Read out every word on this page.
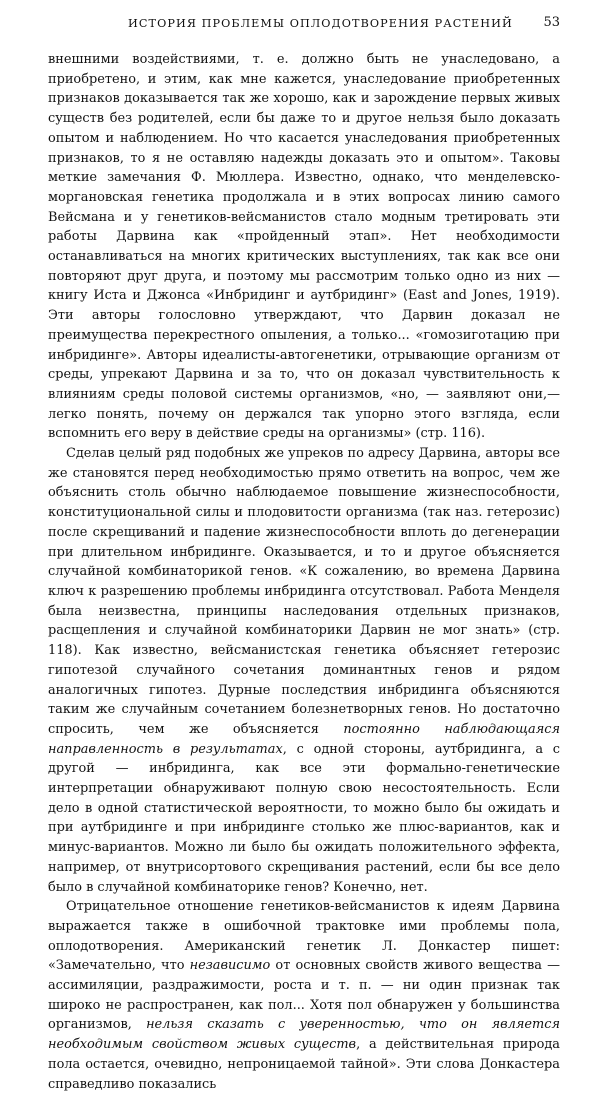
ИСТОРИЯ ПРОБЛЕМЫ ОПЛОДОТВОРЕНИЯ РАСТЕНИЙ 53

внешними воздействиями, т. е. должно быть не унаследовано, а приобретено, и этим, как мне кажется, унаследование приобретенных признаков доказывается так же хорошо, как и зарождение первых живых существ без родителей, если бы даже то и другое нельзя было доказать опытом и наблюдением. Но что касается унаследования приобретенных признаков, то я не оставляю надежды доказать это и опытом». Таковы меткие замечания Ф. Мюллера. Известно, однако, что менделевско-моргановская генетика продолжала и в этих вопросах линию самого Вейсмана и у генетиков-вейсманистов стало модным третировать эти работы Дарвина как «пройденный этап». Нет необходимости останавливаться на многих критических выступлениях, так как все они повторяют друг друга, и поэтому мы рассмотрим только одно из них — книгу Иста и Джонса «Инбридинг и аутбридинг» (East and Jones, 1919). Эти авторы голословно утверждают, что Дарвин доказал не преимущества перекрестного опыления, а только... «гомозиготацию при инбридинге». Авторы идеалисты-автогенетики, отрывающие организм от среды, упрекают Дарвина и за то, что он доказал чувствительность к влияниям среды половой системы организмов, «но, — заявляют они,—легко понять, почему он держался так упорно этого взгляда, если вспомнить его веру в действие среды на организмы» (стр. 116).

Сделав целый ряд подобных же упреков по адресу Дарвина, авторы все же становятся перед необходимостью прямо ответить на вопрос, чем же объяснить столь обычно наблюдаемое повышение жизнеспособности, конституциональной силы и плодовитости организма (так наз. гетерозис) после скрещиваний и падение жизнеспособности вплоть до дегенерации при длительном инбридинге. Оказывается, и то и другое объясняется случайной комбинаторикой генов. «К сожалению, во времена Дарвина ключ к разрешению проблемы инбридинга отсутствовал. Работа Менделя была неизвестна, принципы наследования отдельных признаков, расщепления и случайной комбинаторики Дарвин не мог знать» (стр. 118). Как известно, вейсманистская генетика объясняет гетерозис гипотезой случайного сочетания доминантных генов и рядом аналогичных гипотез. Дурные последствия инбридинга объясняются таким же случайным сочетанием болезнетворных генов. Но достаточно спросить, чем же объясняется постоянно наблюдающаяся направленность в результатах, с одной стороны, аутбридинга, а с другой — инбридинга, как все эти формально-генетические интерпретации обнаруживают полную свою несостоятельность. Если дело в одной статистической вероятности, то можно было бы ожидать и при аутбридинге и при инбридинге столько же плюс-вариантов, как и минус-вариантов. Можно ли было бы ожидать положительного эффекта, например, от внутрисортового скрещивания растений, если бы все дело было в случайной комбинаторике генов? Конечно, нет.

Отрицательное отношение генетиков-вейсманистов к идеям Дарвина выражается также в ошибочной трактовке ими проблемы пола, оплодотворения. Американский генетик Л. Донкастер пишет: «Замечательно, что независимо от основных свойств живого вещества — ассимиляции, раздражимости, роста и т. п. — ни один признак так широко не распространен, как пол... Хотя пол обнаружен у большинства организмов, нельзя сказать с уверенностью, что он является необходимым свойством живых существ, а действительная природа пола остается, очевидно, непроницаемой тайной». Эти слова Донкастера справедливо показались
